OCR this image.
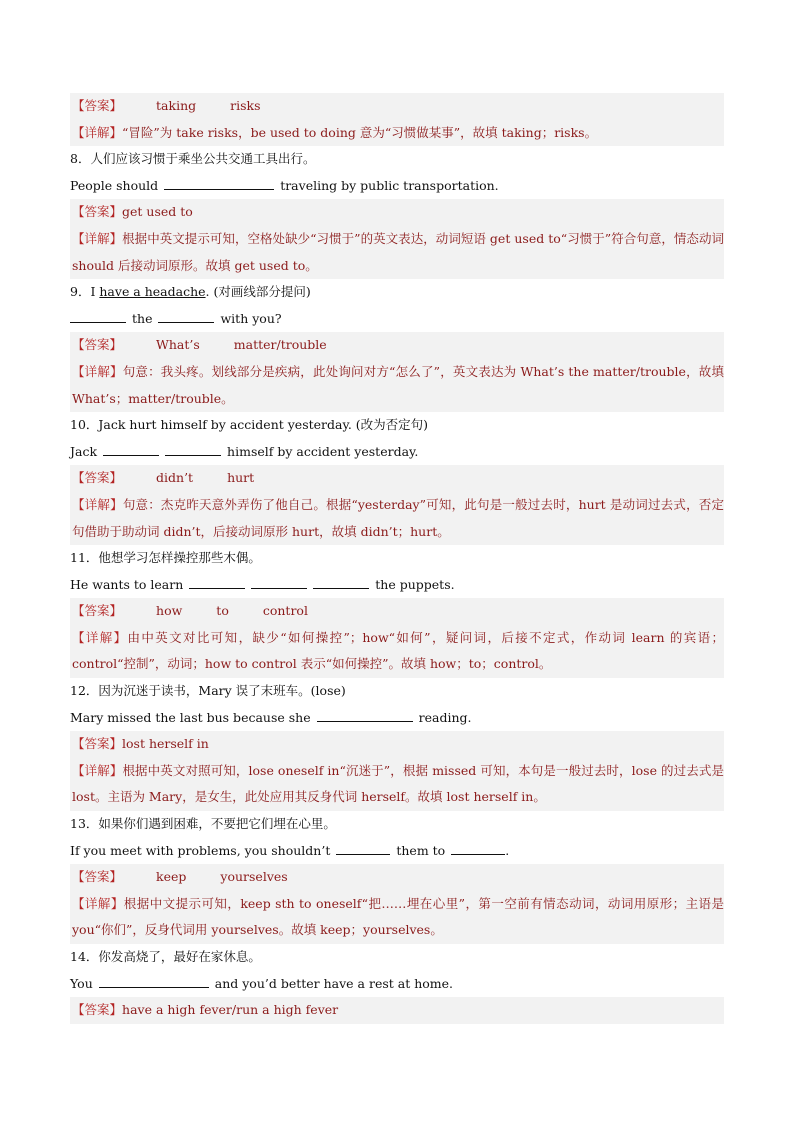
【答案】	taking	risks
【详解】“冒险”为 take risks，be used to doing 意为“习惯做某事”，故填 taking；risks。
8．人们应该习惯于乘坐公共交通工具出行。
People should	traveling by public transportation.
【答案】get used to
【详解】根据中英文提示可知，空格处缺少“习惯于”的英文表达，动词短语 get used to“习惯于”符合句意，情态动词 should 后接动词原形。故填 get used to。
9．I have a headache. (对画线部分提问)
the	with you?
【答案】	What’s	matter/trouble
【详解】句意：我头疼。划线部分是疾病，此处询问对方“怎么了”，英文表达为 What’s the matter/trouble，故填 What’s；matter/trouble。
10．Jack hurt himself by accident yesterday. (改为否定句)
Jack	himself by accident yesterday.
【答案】	didn’t	hurt
【详解】句意：杰克昨天意外弄伤了他自己。根据“yesterday”可知，此句是一般过去时，hurt 是动词过去式，否定句借助于助动词 didn’t，后接动词原形 hurt，故填 didn’t；hurt。
11．他想学习怎样操控那些木偶。
He wants to learn	the puppets.
【答案】	how	to	control
【详解】由中英文对比可知，缺少“如何操控”；how“如何”，疑问词，后接不定式，作动词 learn 的宾语；control“控制”，动词；how to control 表示“如何操控”。故填 how；to；control。
12．因为沉迷于读书，Mary 误了末班车。(lose)
Mary missed the last bus because she	reading.
【答案】lost herself in
【详解】根据中英文对照可知，lose oneself in“沉迷于”，根据 missed 可知，本句是一般过去时，lose 的过去式是 lost。主语为 Mary，是女生，此处应用其反身代词 herself。故填 lost herself in。
13．如果你们遇到困难，不要把它们埋在心里。
If you meet with problems, you shouldn’t	them to	.
【答案】	keep	yourselves
【详解】根据中文提示可知，keep sth to oneself“把……埋在心里”，第一空前有情态动词，动词用原形；主语是 you“你们”，反身代词用 yourselves。故填 keep；yourselves。
14．你发高烧了，最好在家休息。
You	and you’d better have a rest at home.
【答案】have a high fever/run a high fever
